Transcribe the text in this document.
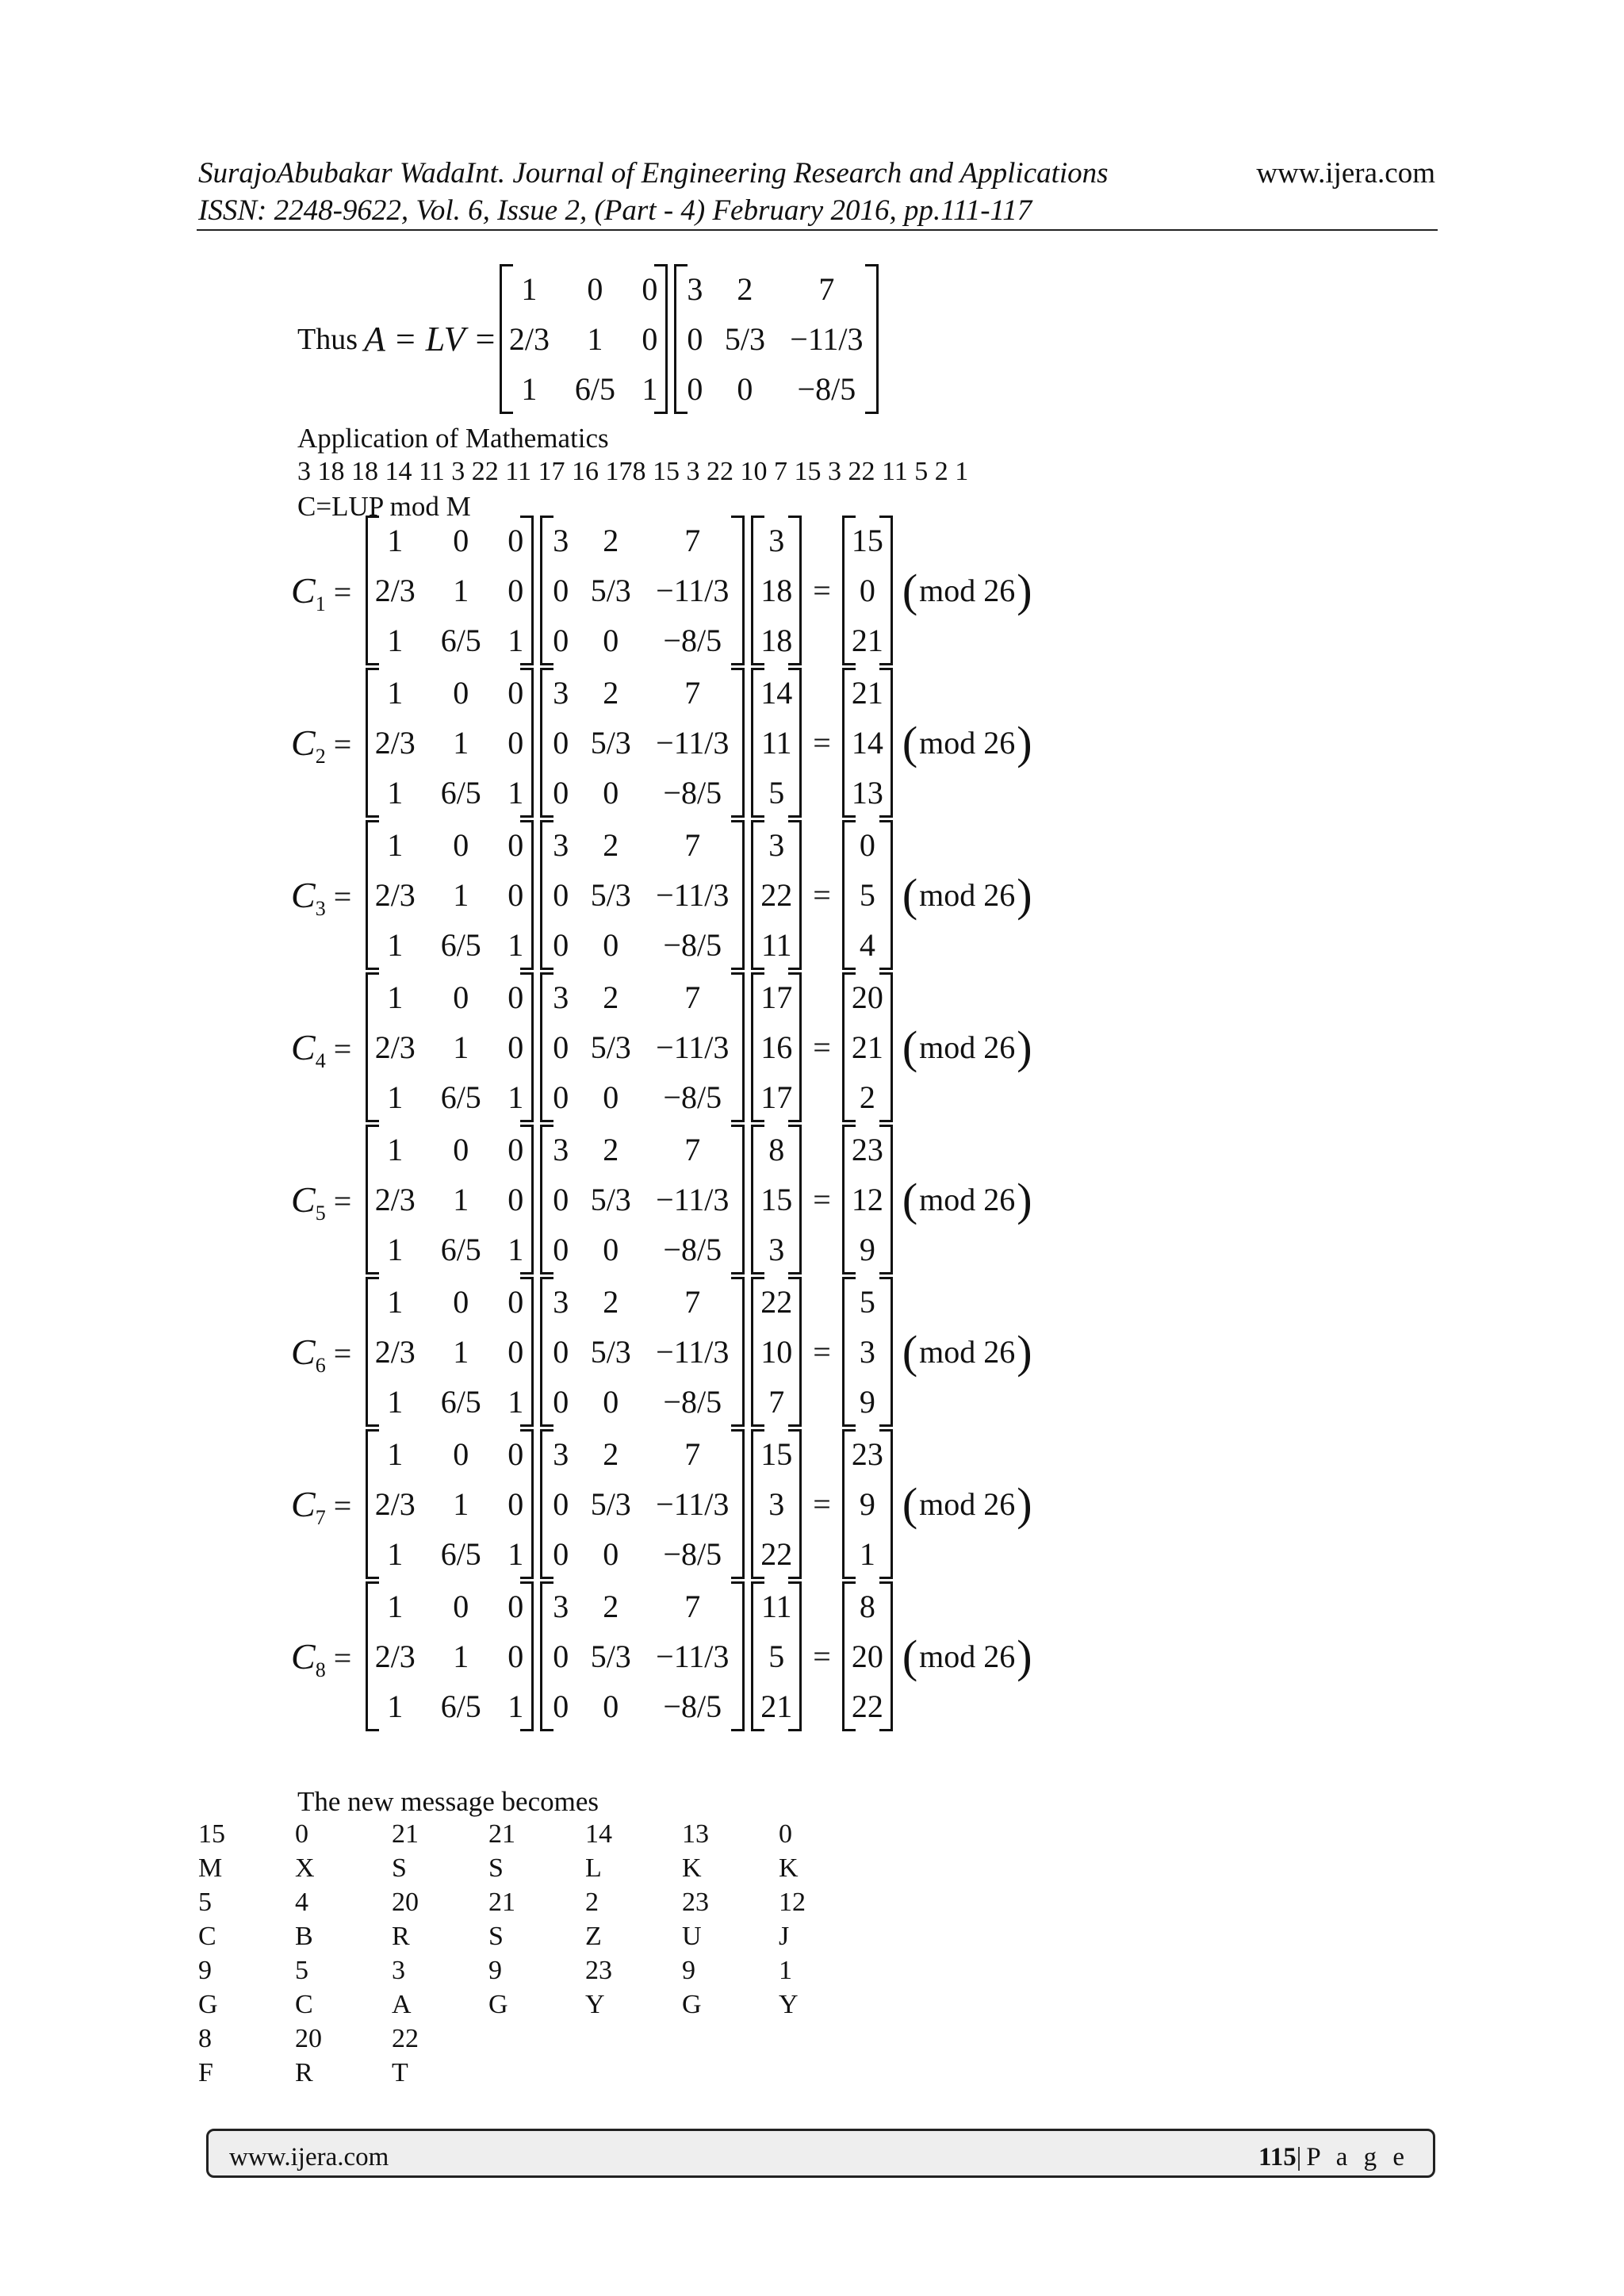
SurajoAbubakar WadaInt. Journal of Engineering Research and Applications
ISSN: 2248-9622, Vol. 6, Issue 2, (Part - 4) February 2016, pp.111-117
www.ijera.com
Thus A = LV =
1	0	0
2/3	1	0
1	6/5 1
3	2	7
0 5/3 −11/3
0	0	−8/5
Application of Mathematics
3 18 18 14 11 3 22 11 17 16 178 15 3 22 10 7 15 3 22 11 5 2 1
C=LUP mod M
$C_1$ =
1	0	0
2/3	1	0
1	6/5 1
3	2	7
0 5/3 −11/3
0	0	−8/5
3
18
18
=
15
0
21
( mod 26 )
$C_2$ =
1	0	0
2/3	1	0
1	6/5 1
3	2	7
0 5/3 −11/3
0	0	−8/5
14
11
5
=
21
14
13
( mod 26 )
$C_3$ =
1	0	0
2/3	1	0
1	6/5 1
3	2	7
0 5/3 −11/3
0	0	−8/5
3
22
11
=
0
5
4
( mod 26 )
$C_4$ =
1	0	0
2/3	1	0
1	6/5 1
3	2	7
0 5/3 −11/3
0	0	−8/5
17
16
17
=
20
21
2
( mod 26 )
$C_5$ =
1	0	0
2/3	1	0
1	6/5 1
3	2	7
0 5/3 −11/3
0	0	−8/5
8
15
3
=
23
12
9
( mod 26 )
$C_6$ =
1	0	0
2/3	1	0
1	6/5 1
3	2	7
0 5/3 −11/3
0	0	−8/5
22
10
7
=
5
3
9
( mod 26 )
$C_7$ =
1	0	0
2/3	1	0
1	6/5 1
3	2	7
0 5/3 −11/3
0	0	−8/5
15
3
22
=
23
9
1
( mod 26 )
$C_8$ =
1	0	0
2/3	1	0
1	6/5 1
3	2	7
0 5/3 −11/3
0	0	−8/5
11
5
21
=
8
20
22
( mod 26 )
The new message becomes
15	0	21	21	14	13	0
M	X	S	S	L	K	K
5	4	20	21	2	23	12
C	B	R	S	Z	U	J
9	5	3	9	23	9	1
G	C	A	G	Y	G	Y
8	20	22				
F	R	T				
www.ijera.com	115|P a g e
